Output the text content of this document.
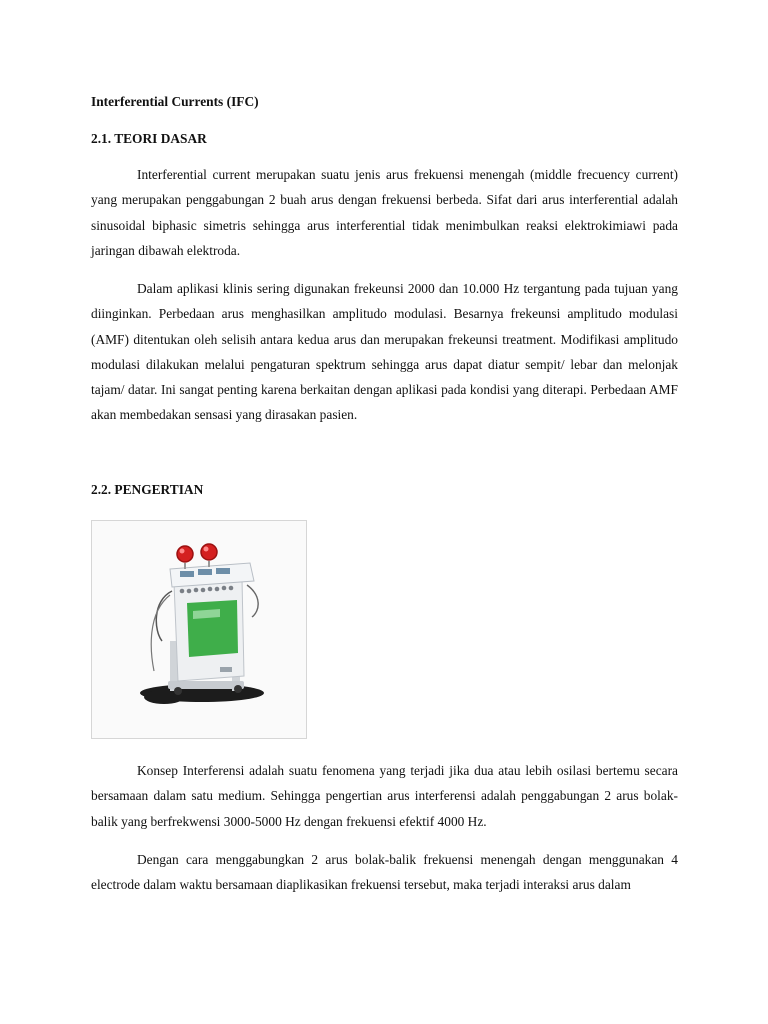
Interferential Currents (IFC)
2.1. TEORI DASAR

Interferential current merupakan suatu jenis arus frekuensi menengah (middle frecuency current) yang merupakan penggabungan 2 buah arus dengan frekuensi berbeda. Sifat dari arus interferential adalah sinusoidal biphasic simetris sehingga arus interferential tidak menimbulkan reaksi elektrokimiawi pada jaringan dibawah elektroda.

Dalam aplikasi klinis sering digunakan frekeunsi 2000 dan 10.000 Hz tergantung pada tujuan yang diinginkan. Perbedaan arus menghasilkan amplitudo modulasi. Besarnya frekeunsi amplitudo modulasi (AMF) ditentukan oleh selisih antara kedua arus dan merupakan frekeunsi treatment. Modifikasi amplitudo modulasi dilakukan melalui pengaturan spektrum sehingga arus dapat diatur sempit/ lebar dan melonjak tajam/ datar. Ini sangat penting karena berkaitan dengan aplikasi pada kondisi yang diterapi. Perbedaan AMF akan membedakan sensasi yang dirasakan pasien.

2.2. PENGERTIAN

Konsep Interferensi adalah suatu fenomena yang terjadi jika dua atau lebih osilasi bertemu secara bersamaan dalam satu medium. Sehingga pengertian arus interferensi adalah penggabungan 2 arus bolak-balik yang berfrekwensi 3000-5000 Hz dengan frekuensi efektif 4000 Hz.

Dengan cara menggabungkan 2 arus bolak-balik frekuensi menengah dengan menggunakan 4 electrode dalam waktu bersamaan diaplikasikan frekuensi tersebut, maka terjadi interaksi arus dalam
